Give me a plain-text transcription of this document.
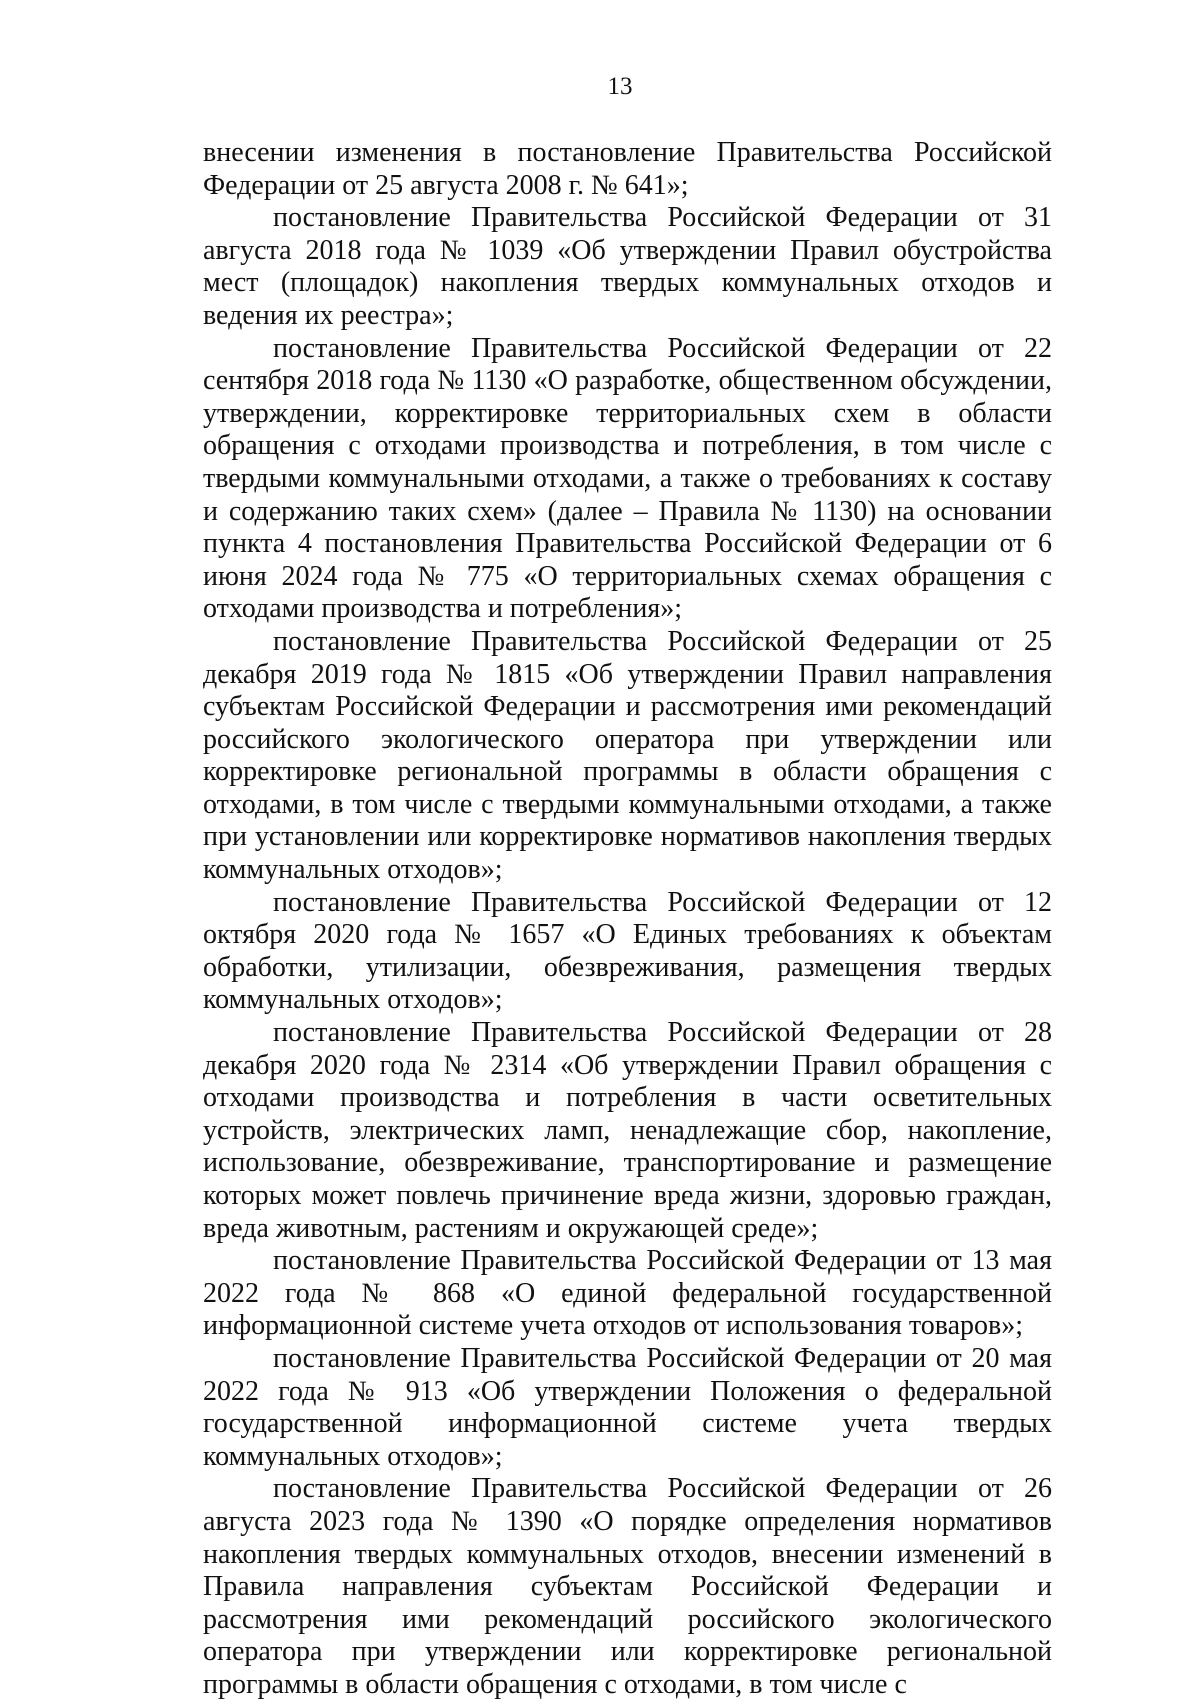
13

внесении изменения в постановление Правительства Российской Федерации от 25 августа 2008 г. № 641»;

постановление Правительства Российской Федерации от 31 августа 2018 года № 1039 «Об утверждении Правил обустройства мест (площадок) накопления твердых коммунальных отходов и ведения их реестра»;

постановление Правительства Российской Федерации от 22 сентября 2018 года № 1130 «О разработке, общественном обсуждении, утверждении, корректировке территориальных схем в области обращения с отходами производства и потребления, в том числе с твердыми коммунальными отходами, а также о требованиях к составу и содержанию таких схем» (далее – Правила № 1130) на основании пункта 4 постановления Правительства Российской Федерации от 6 июня 2024 года № 775 «О территориальных схемах обращения с отходами производства и потребления»;

постановление Правительства Российской Федерации от 25 декабря 2019 года № 1815 «Об утверждении Правил направления субъектам Российской Федерации и рассмотрения ими рекомендаций российского экологического оператора при утверждении или корректировке региональной программы в области обращения с отходами, в том числе с твердыми коммунальными отходами, а также при установлении или корректировке нормативов накопления твердых коммунальных отходов»;

постановление Правительства Российской Федерации от 12 октября 2020 года № 1657 «О Единых требованиях к объектам обработки, утилизации, обезвреживания, размещения твердых коммунальных отходов»;

постановление Правительства Российской Федерации от 28 декабря 2020 года № 2314 «Об утверждении Правил обращения с отходами производства и потребления в части осветительных устройств, электрических ламп, ненадлежащие сбор, накопление, использование, обезвреживание, транспортирование и размещение которых может повлечь причинение вреда жизни, здоровью граждан, вреда животным, растениям и окружающей среде»;

постановление Правительства Российской Федерации от 13 мая 2022 года № 868 «О единой федеральной государственной информационной системе учета отходов от использования товаров»;

постановление Правительства Российской Федерации от 20 мая 2022 года № 913 «Об утверждении Положения о федеральной государственной информационной системе учета твердых коммунальных отходов»;

постановление Правительства Российской Федерации от 26 августа 2023 года № 1390 «О порядке определения нормативов накопления твердых коммунальных отходов, внесении изменений в Правила направления субъектам Российской Федерации и рассмотрения ими рекомендаций российского экологического оператора при утверждении или корректировке региональной программы в области обращения с отходами, в том числе с
